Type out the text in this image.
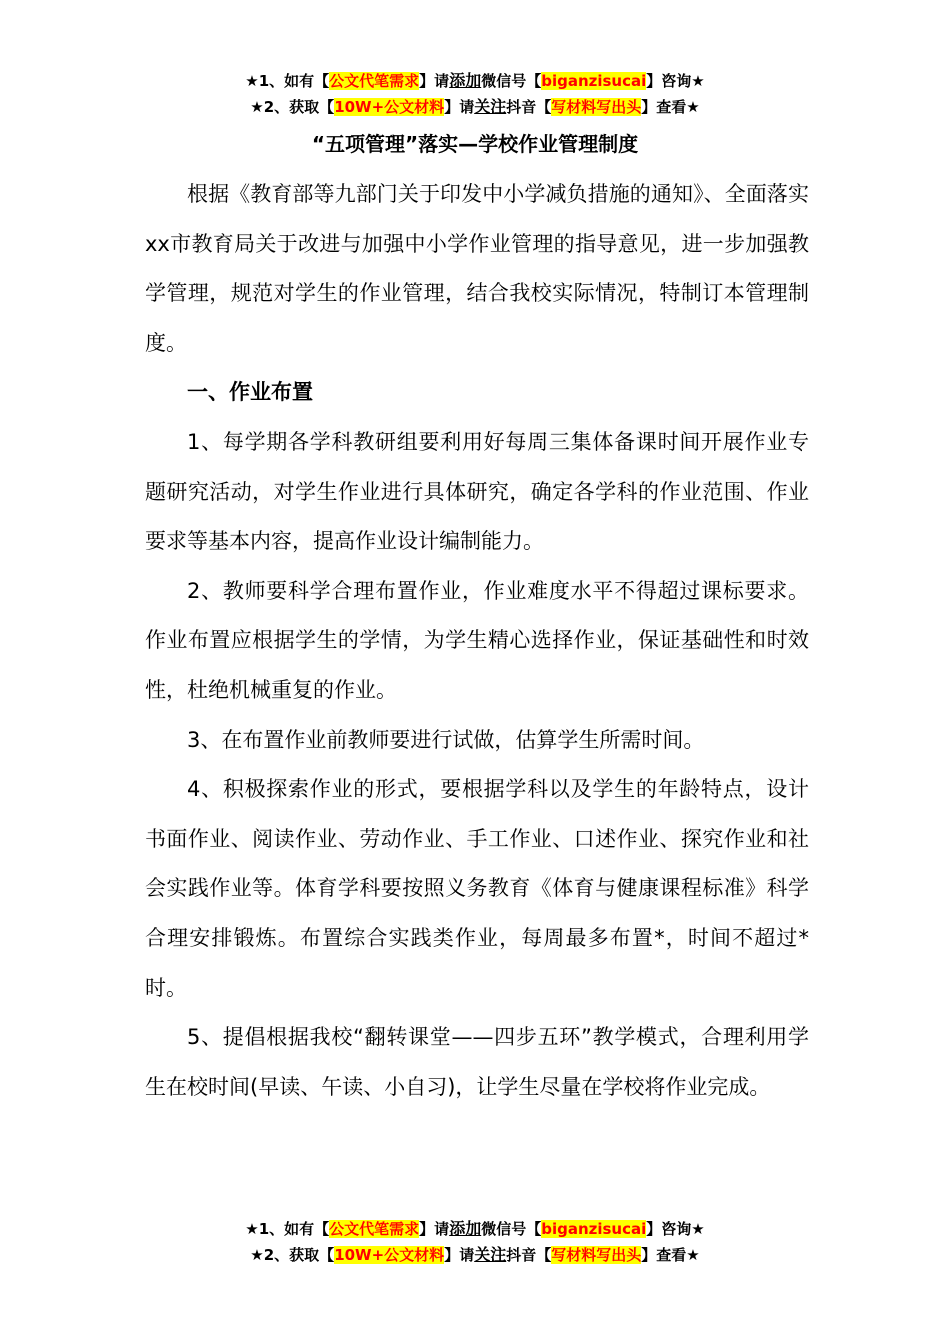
★1、如有【公文代笔需求】请添加微信号【biganzisucai】咨询★
★2、获取【10W+公文材料】请关注抖音【写材料写出头】查看★
“五项管理”落实—学校作业管理制度

根据《教育部等九部门关于印发中小学减负措施的通知》、全面落实xx市教育局关于改进与加强中小学作业管理的指导意见，进一步加强教学管理，规范对学生的作业管理，结合我校实际情况，特制订本管理制度。

一、作业布置

1、每学期各学科教研组要利用好每周三集体备课时间开展作业专题研究活动，对学生作业进行具体研究，确定各学科的作业范围、作业要求等基本内容，提高作业设计编制能力。

2、教师要科学合理布置作业，作业难度水平不得超过课标要求。作业布置应根据学生的学情，为学生精心选择作业，保证基础性和时效性，杜绝机械重复的作业。

3、在布置作业前教师要进行试做，估算学生所需时间。

4、积极探索作业的形式，要根据学科以及学生的年龄特点，设计书面作业、阅读作业、劳动作业、手工作业、口述作业、探究作业和社会实践作业等。体育学科要按照义务教育《体育与健康课程标准》科学合理安排锻炼。布置综合实践类作业，每周最多布置*，时间不超过*时。

5、提倡根据我校“翻转课堂——四步五环”教学模式，合理利用学生在校时间(早读、午读、小自习)，让学生尽量在学校将作业完成。

★1、如有【公文代笔需求】请添加微信号【biganzisucai】咨询★
★2、获取【10W+公文材料】请关注抖音【写材料写出头】查看★
